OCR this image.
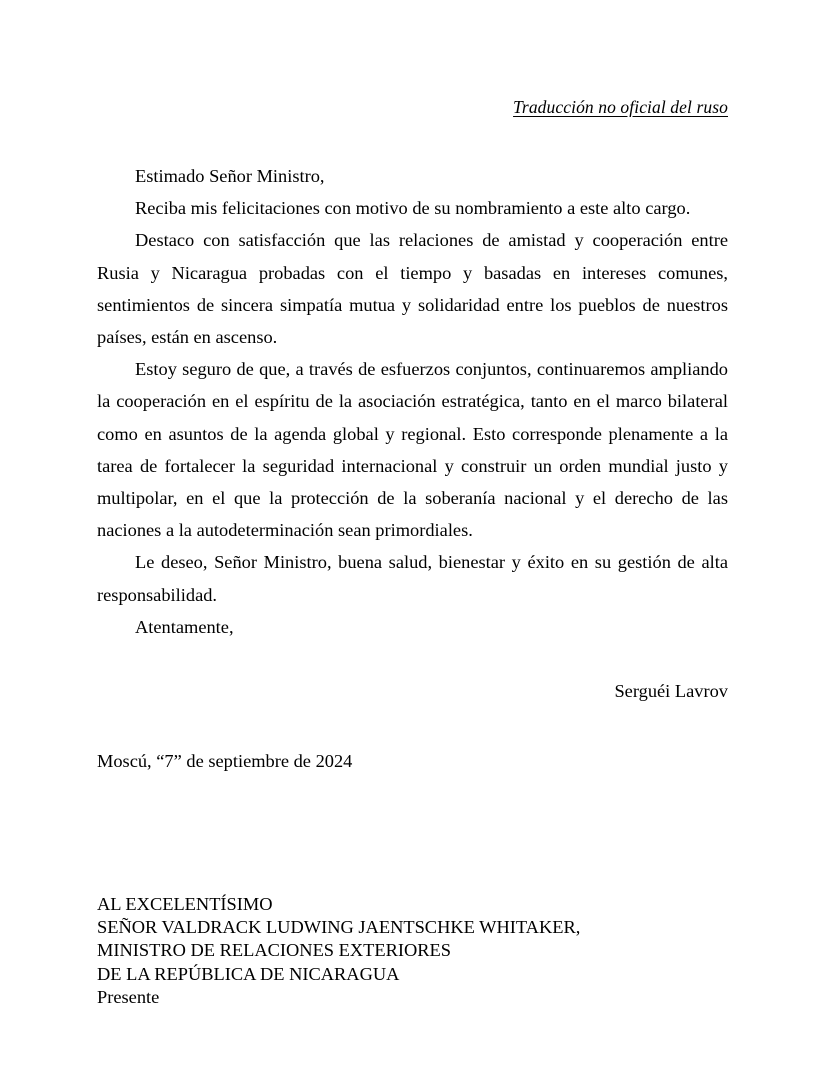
Traducción no oficial del ruso

Estimado Señor Ministro,

Reciba mis felicitaciones con motivo de su nombramiento a este alto cargo.

Destaco con satisfacción que las relaciones de amistad y cooperación entre Rusia y Nicaragua probadas con el tiempo y basadas en intereses comunes, sentimientos de sincera simpatía mutua y solidaridad entre los pueblos de nuestros países, están en ascenso.

Estoy seguro de que, a través de esfuerzos conjuntos, continuaremos ampliando la cooperación en el espíritu de la asociación estratégica, tanto en el marco bilateral como en asuntos de la agenda global y regional. Esto corresponde plenamente a la tarea de fortalecer la seguridad internacional y construir un orden mundial justo y multipolar, en el que la protección de la soberanía nacional y el derecho de las naciones a la autodeterminación sean primordiales.

Le deseo, Señor Ministro, buena salud, bienestar y éxito en su gestión de alta responsabilidad.

Atentamente,

Serguéi Lavrov

Moscú, “7” de septiembre de 2024

AL EXCELENTÍSIMO

SEÑOR VALDRACK LUDWING JAENTSCHKE WHITAKER,

MINISTRO DE RELACIONES EXTERIORES

DE LA REPÚBLICA DE NICARAGUA

Presente
